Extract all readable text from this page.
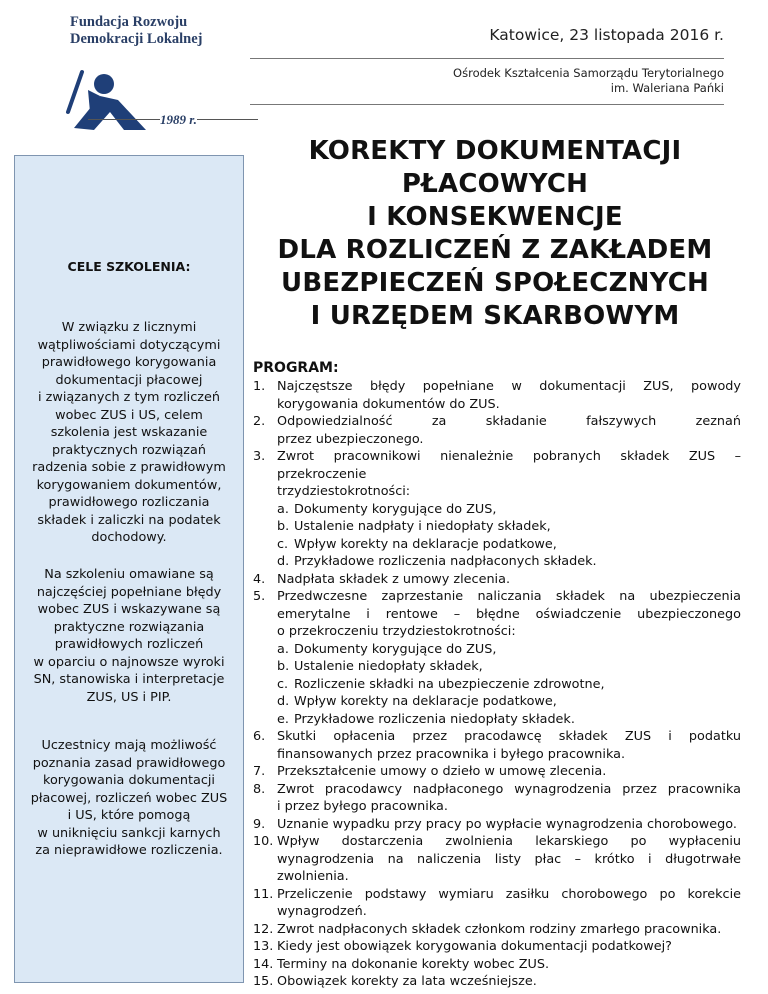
Fundacja Rozwoju
Demokracji Lokalnej
1989 r.
Katowice, 23 listopada 2016 r.
Ośrodek Kształcenia Samorządu Terytorialnego
im. Waleriana Pańki
CELE SZKOLENIA:
W związku z licznymi
wątpliwościami dotyczącymi
prawidłowego korygowania
dokumentacji płacowej
i związanych z tym rozliczeń
wobec ZUS i US, celem
szkolenia jest wskazanie
praktycznych rozwiązań
radzenia sobie z prawidłowym
korygowaniem dokumentów,
prawidłowego rozliczania
składek i zaliczki na podatek
dochodowy.
Na szkoleniu omawiane są
najczęściej popełniane błędy
wobec ZUS i wskazywane są
praktyczne rozwiązania
prawidłowych rozliczeń
w oparciu o najnowsze wyroki
SN, stanowiska i interpretacje
ZUS, US i PIP.
Uczestnicy mają możliwość
poznania zasad prawidłowego
korygowania dokumentacji
płacowej, rozliczeń wobec ZUS
i US, które pomogą
w uniknięciu sankcji karnych
za nieprawidłowe rozliczenia.
KOREKTY DOKUMENTACJI
PŁACOWYCH
I KONSEKWENCJE
DLA ROZLICZEŃ Z ZAKŁADEM
UBEZPIECZEŃ SPOŁECZNYCH
I URZĘDEM SKARBOWYM
PROGRAM:
1. Najczęstsze błędy popełniane w dokumentacji ZUS, powody
korygowania dokumentów do ZUS.
2. Odpowiedzialność za składanie fałszywych zeznań
przez ubezpieczonego.
3. Zwrot pracownikowi nienależnie pobranych składek ZUS – przekroczenie
trzydziestokrotności:
a. Dokumenty korygujące do ZUS,
b. Ustalenie nadpłaty i niedopłaty składek,
c. Wpływ korekty na deklaracje podatkowe,
d. Przykładowe rozliczenia nadpłaconych składek.
4. Nadpłata składek z umowy zlecenia.
5. Przedwczesne zaprzestanie naliczania składek na ubezpieczenia
emerytalne i rentowe – błędne oświadczenie ubezpieczonego
o przekroczeniu trzydziestokrotności:
a. Dokumenty korygujące do ZUS,
b. Ustalenie niedopłaty składek,
c. Rozliczenie składki na ubezpieczenie zdrowotne,
d. Wpływ korekty na deklaracje podatkowe,
e. Przykładowe rozliczenia niedopłaty składek.
6. Skutki opłacenia przez pracodawcę składek ZUS i podatku
finansowanych przez pracownika i byłego pracownika.
7. Przekształcenie umowy o dzieło w umowę zlecenia.
8. Zwrot pracodawcy nadpłaconego wynagrodzenia przez pracownika
i przez byłego pracownika.
9. Uznanie wypadku przy pracy po wypłacie wynagrodzenia chorobowego.
10. Wpływ dostarczenia zwolnienia lekarskiego po wypłaceniu
wynagrodzenia na naliczenia listy płac – krótko i długotrwałe zwolnienia.
11. Przeliczenie podstawy wymiaru zasiłku chorobowego po korekcie
wynagrodzeń.
12. Zwrot nadpłaconych składek członkom rodziny zmarłego pracownika.
13. Kiedy jest obowiązek korygowania dokumentacji podatkowej?
14. Terminy na dokonanie korekty wobec ZUS.
15. Obowiązek korekty za lata wcześniejsze.
